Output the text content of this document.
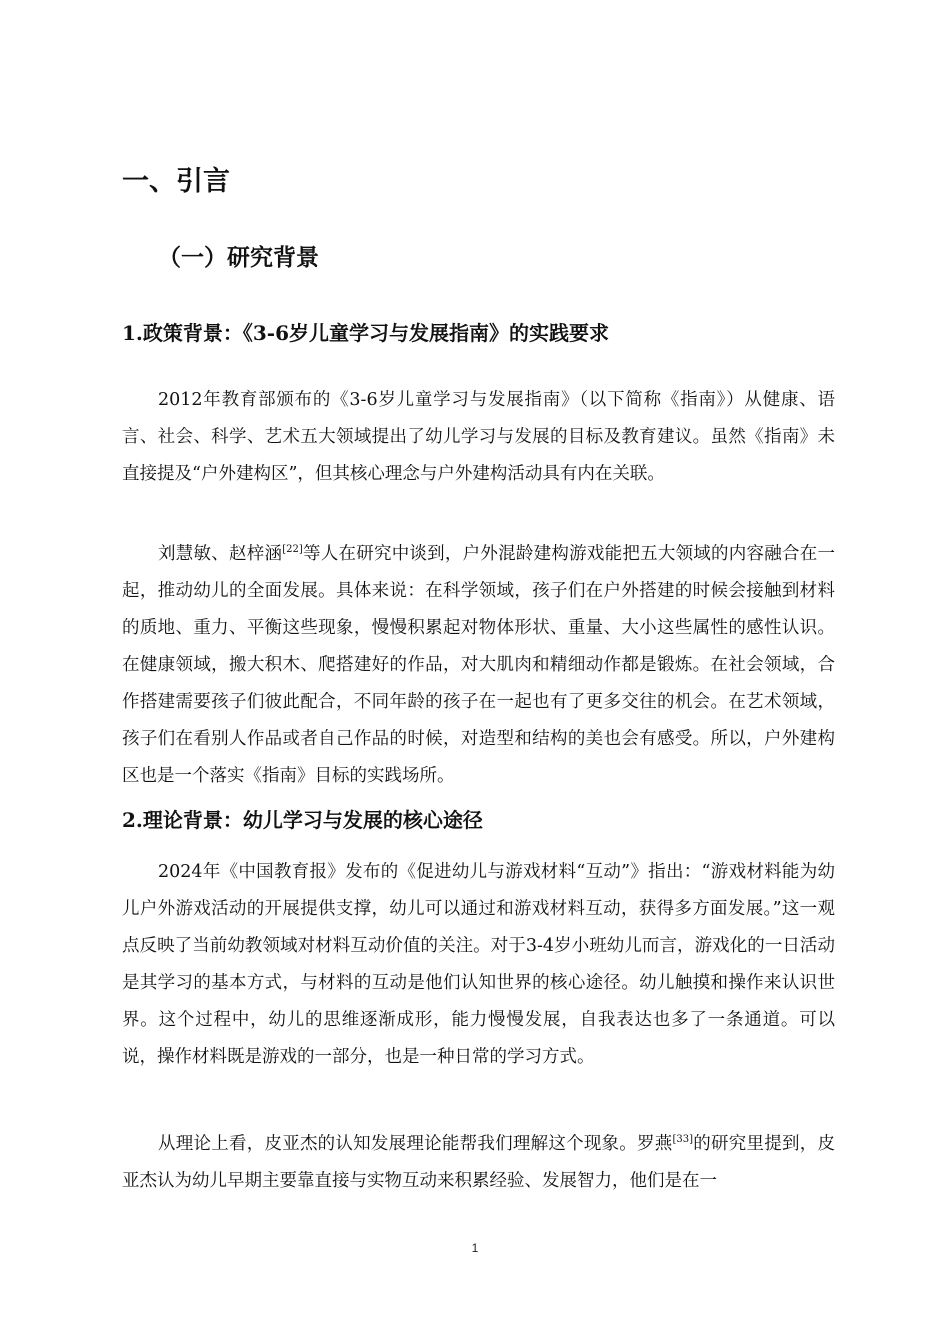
一、引言
（一）研究背景
1.政策背景：《3-6岁儿童学习与发展指南》的实践要求

2012年教育部颁布的《3-6岁儿童学习与发展指南》（以下简称《指南》）从健康、语言、社会、科学、艺术五大领域提出了幼儿学习与发展的目标及教育建议。虽然《指南》未直接提及“户外建构区”，但其核心理念与户外建构活动具有内在关联。

刘慧敏、赵梓涵[22]等人在研究中谈到，户外混龄建构游戏能把五大领域的内容融合在一起，推动幼儿的全面发展。具体来说：在科学领域，孩子们在户外搭建的时候会接触到材料的质地、重力、平衡这些现象，慢慢积累起对物体形状、重量、大小这些属性的感性认识。在健康领域，搬大积木、爬搭建好的作品，对大肌肉和精细动作都是锻炼。在社会领域，合作搭建需要孩子们彼此配合，不同年龄的孩子在一起也有了更多交往的机会。在艺术领域，孩子们在看别人作品或者自己作品的时候，对造型和结构的美也会有感受。所以，户外建构区也是一个落实《指南》目标的实践场所。

2.理论背景：幼儿学习与发展的核心途径

2024年《中国教育报》发布的《促进幼儿与游戏材料“互动”》指出：“游戏材料能为幼儿户外游戏活动的开展提供支撑，幼儿可以通过和游戏材料互动，获得多方面发展。”这一观点反映了当前幼教领域对材料互动价值的关注。对于3-4岁小班幼儿而言，游戏化的一日活动是其学习的基本方式，与材料的互动是他们认知世界的核心途径。幼儿触摸和操作来认识世界。这个过程中，幼儿的思维逐渐成形，能力慢慢发展，自我表达也多了一条通道。可以说，操作材料既是游戏的一部分，也是一种日常的学习方式。

从理论上看，皮亚杰的认知发展理论能帮我们理解这个现象。罗燕[33]的研究里提到，皮亚杰认为幼儿早期主要靠直接与实物互动来积累经验、发展智力，他们是在一

1
